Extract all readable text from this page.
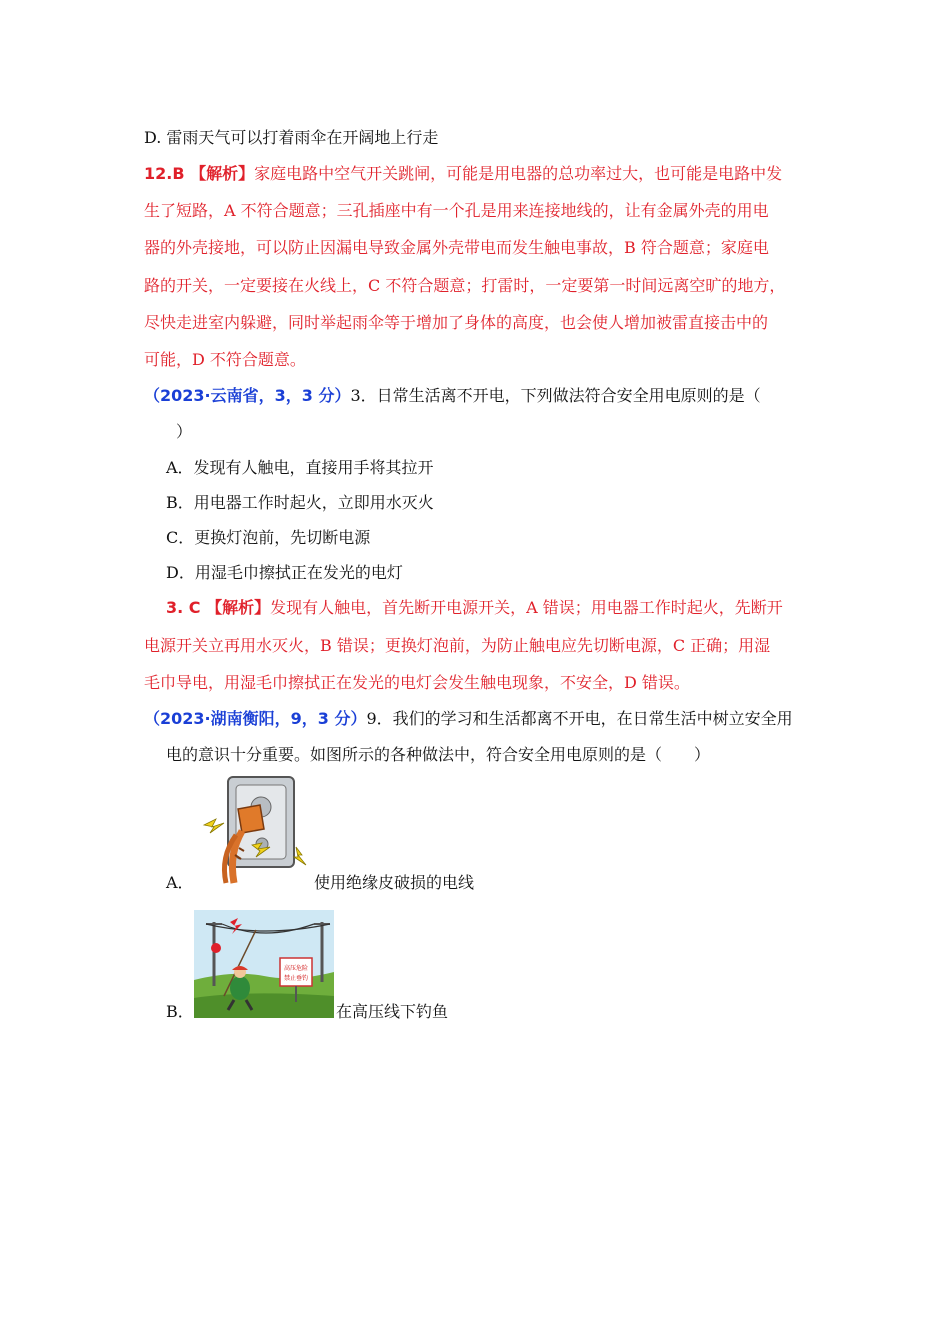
D. 雷雨天气可以打着雨伞在开阔地上行走
12.B 【解析】家庭电路中空气开关跳闸，可能是用电器的总功率过大，也可能是电路中发
生了短路，A 不符合题意；三孔插座中有一个孔是用来连接地线的，让有金属外壳的用电
器的外壳接地，可以防止因漏电导致金属外壳带电而发生触电事故，B 符合题意；家庭电
路的开关，一定要接在火线上，C 不符合题意；打雷时，一定要第一时间远离空旷的地方，
尽快走进室内躲避，同时举起雨伞等于增加了身体的高度，也会使人增加被雷直接击中的
可能，D 不符合题意。
（2023·云南省，3，3 分）3．日常生活离不开电，下列做法符合安全用电原则的是（
）
A．发现有人触电，直接用手将其拉开
B．用电器工作时起火，立即用水灭火
C．更换灯泡前，先切断电源
D．用湿毛巾擦拭正在发光的电灯
3. C 【解析】发现有人触电，首先断开电源开关，A 错误；用电器工作时起火，先断开
电源开关立再用水灭火，B 错误；更换灯泡前，为防止触电应先切断电源，C 正确；用湿
毛巾导电，用湿毛巾擦拭正在发光的电灯会发生触电现象，不安全，D 错误。
（2023·湖南衡阳，9，3 分）9．我们的学习和生活都离不开电，在日常生活中树立安全用
电的意识十分重要。如图所示的各种做法中，符合安全用电原则的是（　　）
A．	使用绝缘皮破损的电线
高压危险
禁止垂钓
B．	在高压线下钓鱼
